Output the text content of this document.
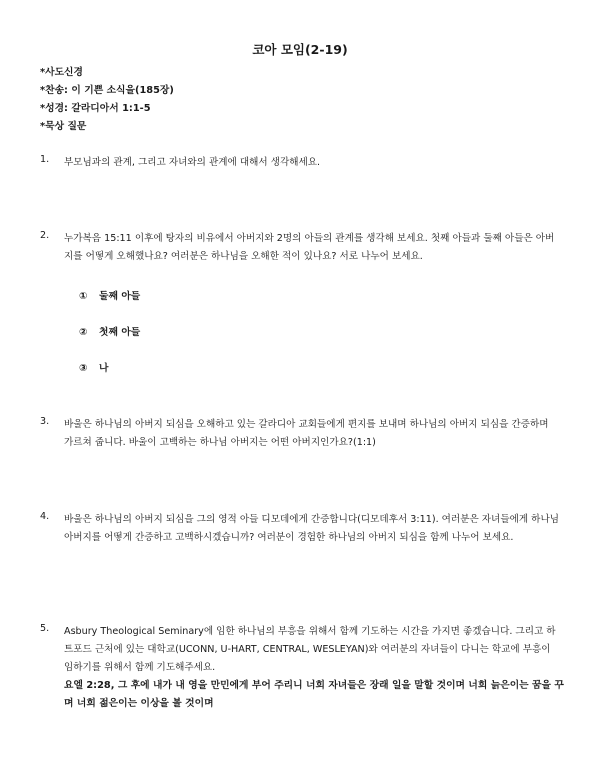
코아 모임(2-19)
*사도신경
*찬송: 이 기쁜 소식을(185장)
*성경: 갈라디아서 1:1-5
*묵상 질문
1. 부모님과의 관계, 그리고 자녀와의 관계에 대해서 생각해세요.
2. 누가복음 15:11 이후에 탕자의 비유에서 아버지와 2명의 아들의 관계를 생각해 보세요. 첫째 아들과 둘째 아들은 아버지를 어떻게 오해했나요? 여러분은 하나님을 오해한 적이 있나요? 서로 나누어 보세요.
① 둘째 아들
② 첫째 아들
③ 나
3. 바울은 하나님의 아버지 되심을 오해하고 있는 갈라디아 교회들에게 편지를 보내며 하나님의 아버지 되심을 간증하며 가르쳐 줍니다. 바울이 고백하는 하나님 아버지는 어떤 아버지인가요?(1:1)
4. 바울은 하나님의 아버지 되심을 그의 영적 아들 디모데에게 간증합니다(디모데후서 3:11). 여러분은 자녀들에게 하나님 아버지를 어떻게 간증하고 고백하시겠습니까? 여러분이 경험한 하나님의 아버지 되심을 함께 나누어 보세요.
5. Asbury Theological Seminary에 임한 하나님의 부흥을 위해서 함께 기도하는 시간을 가지면 좋겠습니다. 그리고 하트포드 근처에 있는 대학교(UCONN, U-HART, CENTRAL, WESLEYAN)와 여러분의 자녀들이 다니는 학교에 부흥이 임하기를 위해서 함께 기도해주세요.
요엘 2:28, 그 후에 내가 내 영을 만민에게 부어 주리니 너희 자녀들은 장래 일을 말할 것이며 너희 늙은이는 꿈을 꾸며 너희 젊은이는 이상을 볼 것이며
